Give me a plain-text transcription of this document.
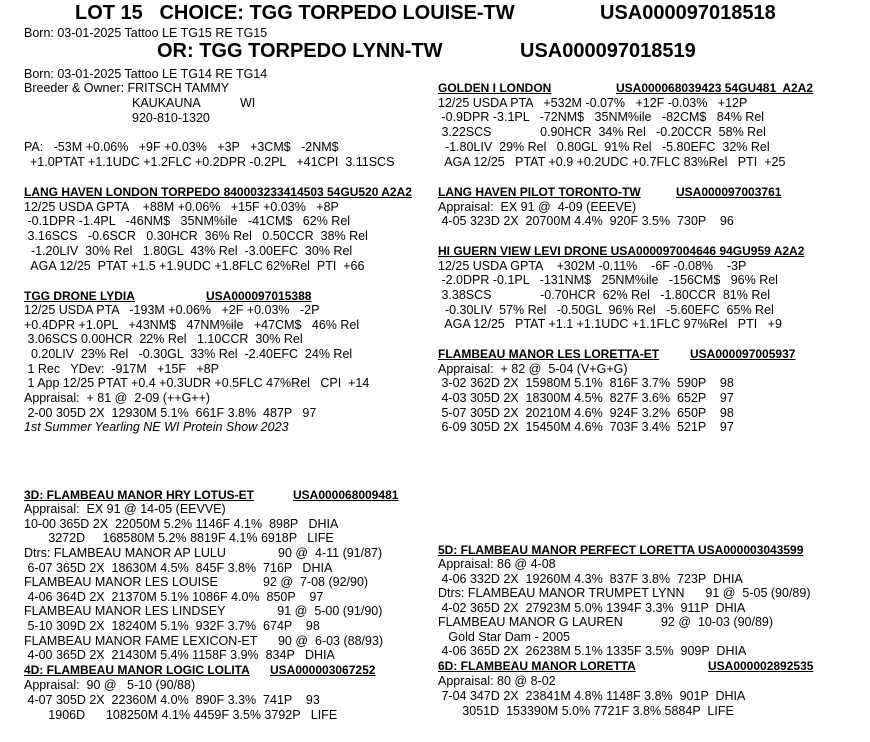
LOT 15   CHOICE: TGG TORPEDO LOUISE-TW	USA000097018518
Born: 03-01-2025 Tattoo LE TG15 RE TG15
OR: TGG TORPEDO LYNN-TW	USA000097018519
Born: 03-01-2025 Tattoo LE TG14 RE TG14
Breeder & Owner: FRITSCH TAMMY
KAUKAUNA	WI
920-810-1320
PA:   -53M +0.06%   +9F +0.03%   +3P   +3CM$   -2NM$
+1.0PTAT +1.1UDC +1.2FLC +0.2DPR -0.2PL   +41CPI  3.11SCS
LANG HAVEN LONDON TORPEDO 840003233414503 54GU520 A2A2
12/25 USDA GPTA    +88M +0.06%   +15F +0.03%   +8P
-0.1DPR -1.4PL   -46NM$   35NM%ile   -41CM$   62% Rel
3.16SCS   -0.6SCR   0.30HCR  36% Rel   0.50CCR  38% Rel
-1.20LIV  30% Rel   1.80GL  43% Rel  -3.00EFC  30% Rel
AGA 12/25  PTAT +1.5 +1.9UDC +1.8FLC 62%Rel  PTI  +66
TGG DRONE LYDIA	USA000097015388
12/25 USDA PTA   -193M +0.06%   +2F +0.03%   -2P
+0.4DPR +1.0PL   +43NM$   47NM%ile   +47CM$   46% Rel
3.06SCS 0.00HCR  22% Rel   1.10CCR  30% Rel
0.20LIV  23% Rel   -0.30GL  33% Rel  -2.40EFC  24% Rel
1 Rec   YDev:  -917M   +15F   +8P
1 App 12/25 PTAT +0.4 +0.3UDR +0.5FLC 47%Rel   CPI  +14
Appraisal:  + 81 @  2-09 (++G++)
2-00 305D 2X  12930M 5.1%  661F 3.8%  487P   97
1st Summer Yearling NE WI Protein Show 2023
GOLDEN I LONDON	USA000068039423 54GU481  A2A2
12/25 USDA PTA   +532M -0.07%   +12F -0.03%   +12P
-0.9DPR -3.1PL   -72NM$   35NM%ile   -82CM$   84% Rel
3.22SCS              0.90HCR  34% Rel   -0.20CCR  58% Rel
-1.80LIV  29% Rel   0.80GL  91% Rel   -5.80EFC  32% Rel
AGA 12/25   PTAT +0.9 +0.2UDC +0.7FLC 83%Rel   PTI  +25
LANG HAVEN PILOT TORONTO-TW	USA000097003761
Appraisal:  EX 91 @  4-09 (EEEVE)
4-05 323D 2X  20700M 4.4%  920F 3.5%  730P    96
HI GUERN VIEW LEVI DRONE USA000097004646 94GU959 A2A2
12/25 USDA GPTA    +302M -0.11%    -6F -0.08%    -3P
-2.0DPR -0.1PL   -131NM$   25NM%ile   -156CM$   96% Rel
3.38SCS              -0.70HCR  62% Rel   -1.80CCR  81% Rel
-0.30LIV  57% Rel   -0.50GL  96% Rel   -5.60EFC  65% Rel
AGA 12/25   PTAT +1.1 +1.1UDC +1.1FLC 97%Rel   PTI   +9
FLAMBEAU MANOR LES LORETTA-ET	USA000097005937
Appraisal:  + 82 @  5-04 (V+G+G)
3-02 362D 2X  15980M 5.1%  816F 3.7%  590P    98
4-03 305D 2X  18300M 4.5%  827F 3.6%  652P    97
5-07 305D 2X  20210M 4.6%  924F 3.2%  650P    98
6-09 305D 2X  15450M 4.6%  703F 3.4%  521P    97
3D: FLAMBEAU MANOR HRY LOTUS-ET	USA000068009481
Appraisal:  EX 91 @ 14-05 (EEVVE)
10-00 365D 2X  22050M 5.2% 1146F 4.1%  898P   DHIA
3272D     168580M 5.2% 8819F 4.1% 6918P   LIFE
Dtrs: FLAMBEAU MANOR AP LULU               90 @  4-11 (91/87)
6-07 365D 2X  18630M 4.5%  845F 3.8%  716P   DHIA
FLAMBEAU MANOR LES LOUISE             92 @  7-08 (92/90)
4-06 364D 2X  21370M 5.1% 1086F 4.0%  850P    97
FLAMBEAU MANOR LES LINDSEY               91 @  5-00 (91/90)
5-10 309D 2X  18240M 5.1%  932F 3.7%  674P    98
FLAMBEAU MANOR FAME LEXICON-ET      90 @  6-03 (88/93)
4-00 365D 2X  21430M 5.4% 1158F 3.9%  834P   DHIA
4D: FLAMBEAU MANOR LOGIC LOLITA USA000003067252
Appraisal:  90 @   5-10 (90/88)
4-07 305D 2X  22360M 4.0%  890F 3.3%  741P    93
1906D      108250M 4.1% 4459F 3.5% 3792P   LIFE
5D: FLAMBEAU MANOR PERFECT LORETTA USA000003043599
Appraisal: 86 @ 4-08
4-06 332D 2X  19260M 4.3%  837F 3.8%  723P  DHIA
Dtrs: FLAMBEAU MANOR TRUMPET LYNN      91 @  5-05 (90/89)
4-02 365D 2X  27923M 5.0% 1394F 3.3%  911P  DHIA
FLAMBEAU MANOR G LAUREN           92 @  10-03 (90/89)
Gold Star Dam - 2005
4-06 365D 2X  26238M 5.1% 1335F 3.5%  909P  DHIA
6D: FLAMBEAU MANOR LORETTA	USA000002892535
Appraisal: 80 @ 8-02
7-04 347D 2X  23841M 4.8% 1148F 3.8%  901P  DHIA
3051D  153390M 5.0% 7721F 3.8% 5884P  LIFE
